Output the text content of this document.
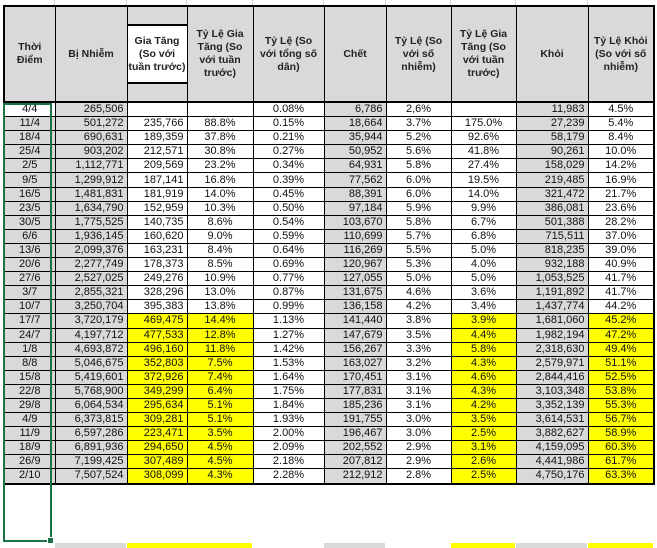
Thời Điểm	Bị Nhiễm	Gia Tăng (So với tuần trước)	Tỷ Lệ Gia Tăng (So với tuần trước)	Tỷ Lệ (So với tổng số dân)	Chết	Tỷ Lệ (So với số nhiễm)	Tỷ Lệ Gia Tăng (So với tuần trước)	Khỏi	Tỷ Lệ Khỏi (So với số nhiễm)
4/4	265,506			0.08%	6,786	2,6%		11,983	4.5%
11/4	501,272	235,766	88.8%	0.15%	18,664	3.7%	175.0%	27,239	5.4%
18/4	690,631	189,359	37.8%	0.21%	35,944	5.2%	92.6%	58,179	8.4%
25/4	903,202	212,571	30.8%	0.27%	50,952	5.6%	41.8%	90,261	10.0%
2/5	1,112,771	209,569	23.2%	0.34%	64,931	5.8%	27.4%	158,029	14.2%
9/5	1,299,912	187,141	16.8%	0.39%	77,562	6.0%	19.5%	219,485	16.9%
16/5	1,481,831	181,919	14.0%	0.45%	88,391	6.0%	14.0%	321,472	21.7%
23/5	1,634,790	152,959	10.3%	0.50%	97,184	5.9%	9.9%	386,081	23.6%
30/5	1,775,525	140,735	8.6%	0.54%	103,670	5.8%	6.7%	501,388	28.2%
6/6	1,936,145	160,620	9.0%	0.59%	110,699	5.7%	6.8%	715,511	37.0%
13/6	2,099,376	163,231	8.4%	0.64%	116,269	5.5%	5.0%	818,235	39.0%
20/6	2,277,749	178,373	8.5%	0.69%	120,967	5.3%	4.0%	932,188	40.9%
27/6	2,527,025	249,276	10.9%	0.77%	127,055	5.0%	5.0%	1,053,525	41.7%
3/7	2,855,321	328,296	13.0%	0.87%	131,675	4.6%	3.6%	1,191,892	41.7%
10/7	3,250,704	395,383	13.8%	0.99%	136,158	4.2%	3.4%	1,437,774	44.2%
17/7	3,720,179	469,475	14.4%	1.13%	141,440	3.8%	3.9%	1,681,060	45.2%
24/7	4,197,712	477,533	12.8%	1.27%	147,679	3.5%	4.4%	1,982,194	47.2%
1/8	4,693,872	496,160	11.8%	1.42%	156,267	3.3%	5.8%	2,318,630	49.4%
8/8	5,046,675	352,803	7.5%	1.53%	163,027	3.2%	4.3%	2,579,971	51.1%
15/8	5,419,601	372,926	7.4%	1.64%	170,451	3.1%	4.6%	2,844,416	52.5%
22/8	5,768,900	349,299	6.4%	1.75%	177,831	3.1%	4.3%	3,103,348	53.8%
29/8	6,064,534	295,634	5.1%	1.84%	185,236	3.1%	4.2%	3,352,139	55.3%
4/9	6,373,815	309,281	5.1%	1.93%	191,755	3.0%	3.5%	3,614,531	56.7%
11/9	6,597,286	223,471	3.5%	2.00%	196,467	3.0%	2.5%	3,882,627	58.9%
18/9	6,891,936	294,650	4.5%	2.09%	202,552	2.9%	3.1%	4,159,095	60.3%
26/9	7,199,425	307,489	4.5%	2.18%	207,812	2.9%	2.6%	4,441,986	61.7%
2/10	7,507,524	308,099	4.3%	2.28%	212,912	2.8%	2.5%	4,750,176	63.3%
